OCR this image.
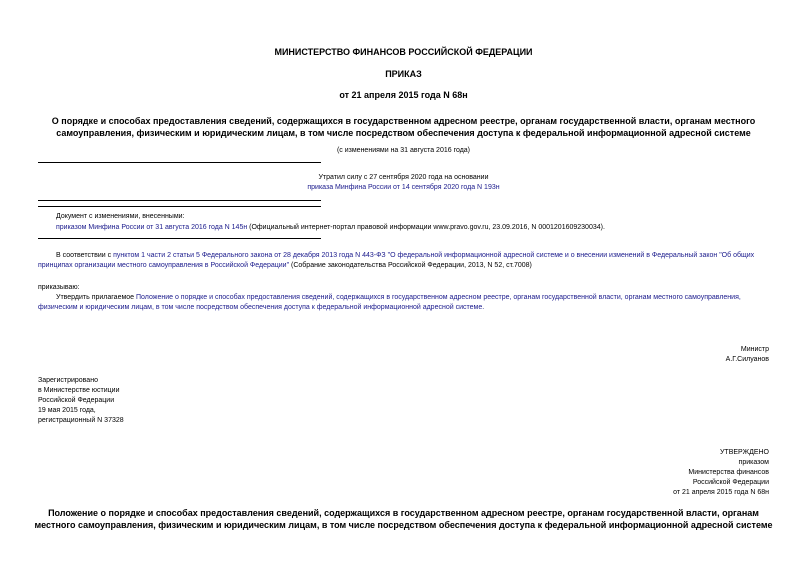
МИНИСТЕРСТВО ФИНАНСОВ РОССИЙСКОЙ ФЕДЕРАЦИИ
ПРИКАЗ
от 21 апреля 2015 года N 68н
О порядке и способах предоставления сведений, содержащихся в государственном адресном реестре, органам государственной власти, органам местного
самоуправления, физическим и юридическим лицам, в том числе посредством обеспечения доступа к федеральной информационной адресной системе
(с изменениями на 31 августа 2016 года)
Утратил силу с 27 сентября 2020 года на основании
приказа Минфина России от 14 сентября 2020 года N 193н
Документ с изменениями, внесенными:
приказом Минфина России от 31 августа 2016 года N 145н (Официальный интернет-портал правовой информации www.pravo.gov.ru, 23.09.2016, N 0001201609230034).
В соответствии с пунктом 1 части 2 статьи 5 Федерального закона от 28 декабря 2013 года N 443-ФЗ "О федеральной информационной адресной системе и о внесении изменений в Федеральный закон "Об общих
принципах организации местного самоуправления в Российской Федерации" (Собрание законодательства Российской Федерации, 2013, N 52, ст.7008)
приказываю:
Утвердить прилагаемое Положение о порядке и способах предоставления сведений, содержащихся в государственном адресном реестре, органам государственной власти, органам местного самоуправления,
физическим и юридическим лицам, в том числе посредством обеспечения доступа к федеральной информационной адресной системе.
Министр
А.Г.Силуанов
Зарегистрировано
в Министерстве юстиции
Российской Федерации
19 мая 2015 года,
регистрационный N 37328
УТВЕРЖДЕНО
приказом
Министерства финансов
Российской Федерации
от 21 апреля 2015 года N 68н
Положение о порядке и способах предоставления сведений, содержащихся в государственном адресном реестре, органам государственной власти, органам
местного самоуправления, физическим и юридическим лицам, в том числе посредством обеспечения доступа к федеральной информационной адресной системе
